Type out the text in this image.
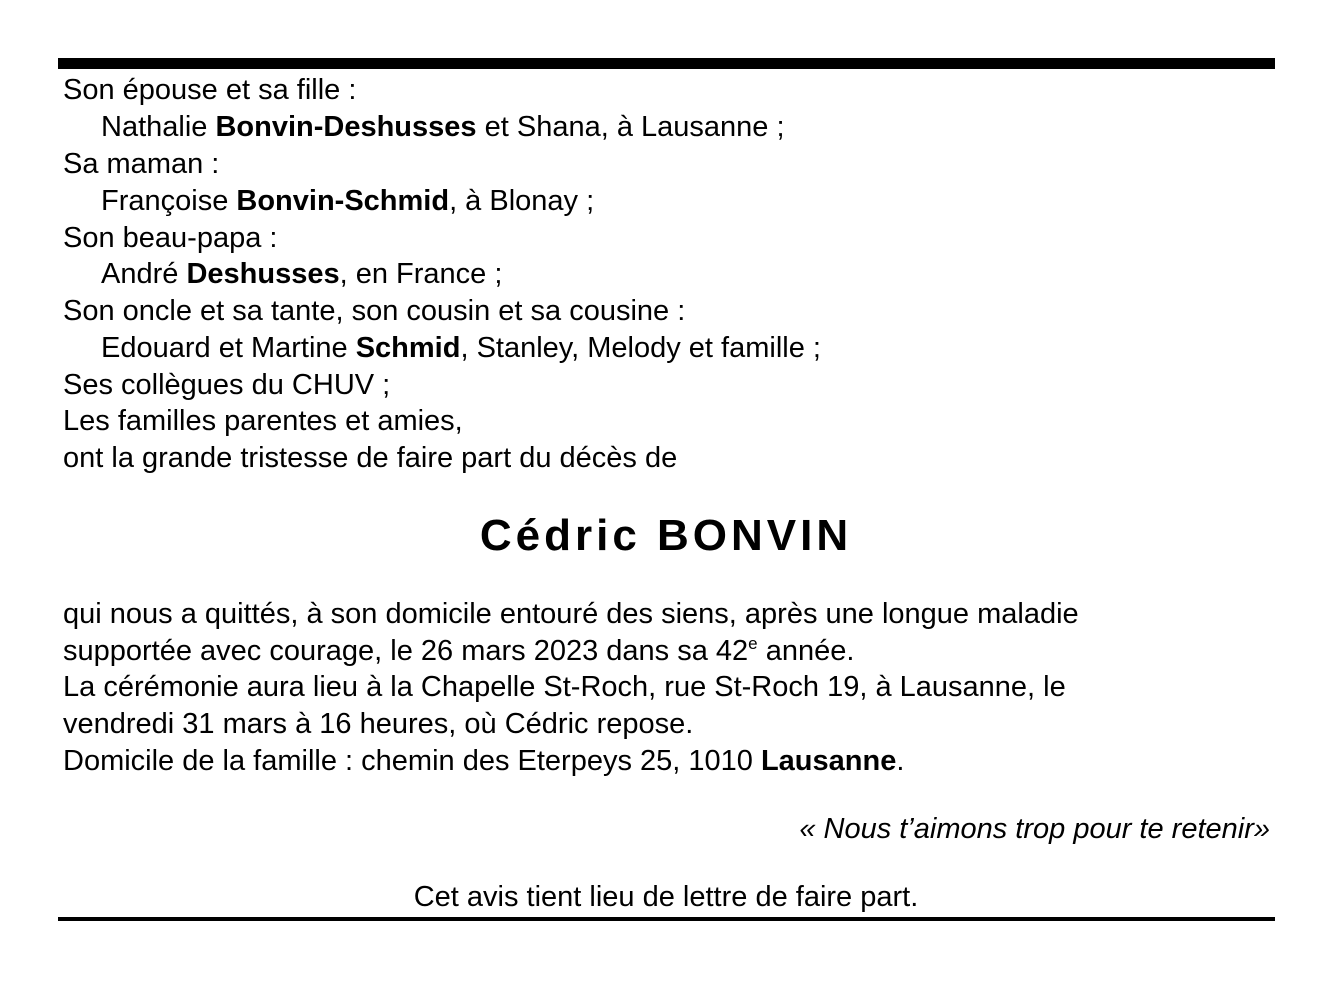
Son épouse et sa fille :
Nathalie Bonvin-Deshusses et Shana, à Lausanne ;
Sa maman :
Françoise Bonvin-Schmid, à Blonay ;
Son beau-papa :
André Deshusses, en France ;
Son oncle et sa tante, son cousin et sa cousine :
Edouard et Martine Schmid, Stanley, Melody et famille ;
Ses collègues du CHUV ;
Les familles parentes et amies,
ont la grande tristesse de faire part du décès de
Cédric BONVIN
qui nous a quittés, à son domicile entouré des siens, après une longue maladie
supportée avec courage, le 26 mars 2023 dans sa 42e année.
La cérémonie aura lieu à la Chapelle St-Roch, rue St-Roch 19, à Lausanne, le
vendredi 31 mars à 16 heures, où Cédric repose.
Domicile de la famille : chemin des Eterpeys 25, 1010 Lausanne.
« Nous t’aimons trop pour te retenir»
Cet avis tient lieu de lettre de faire part.
